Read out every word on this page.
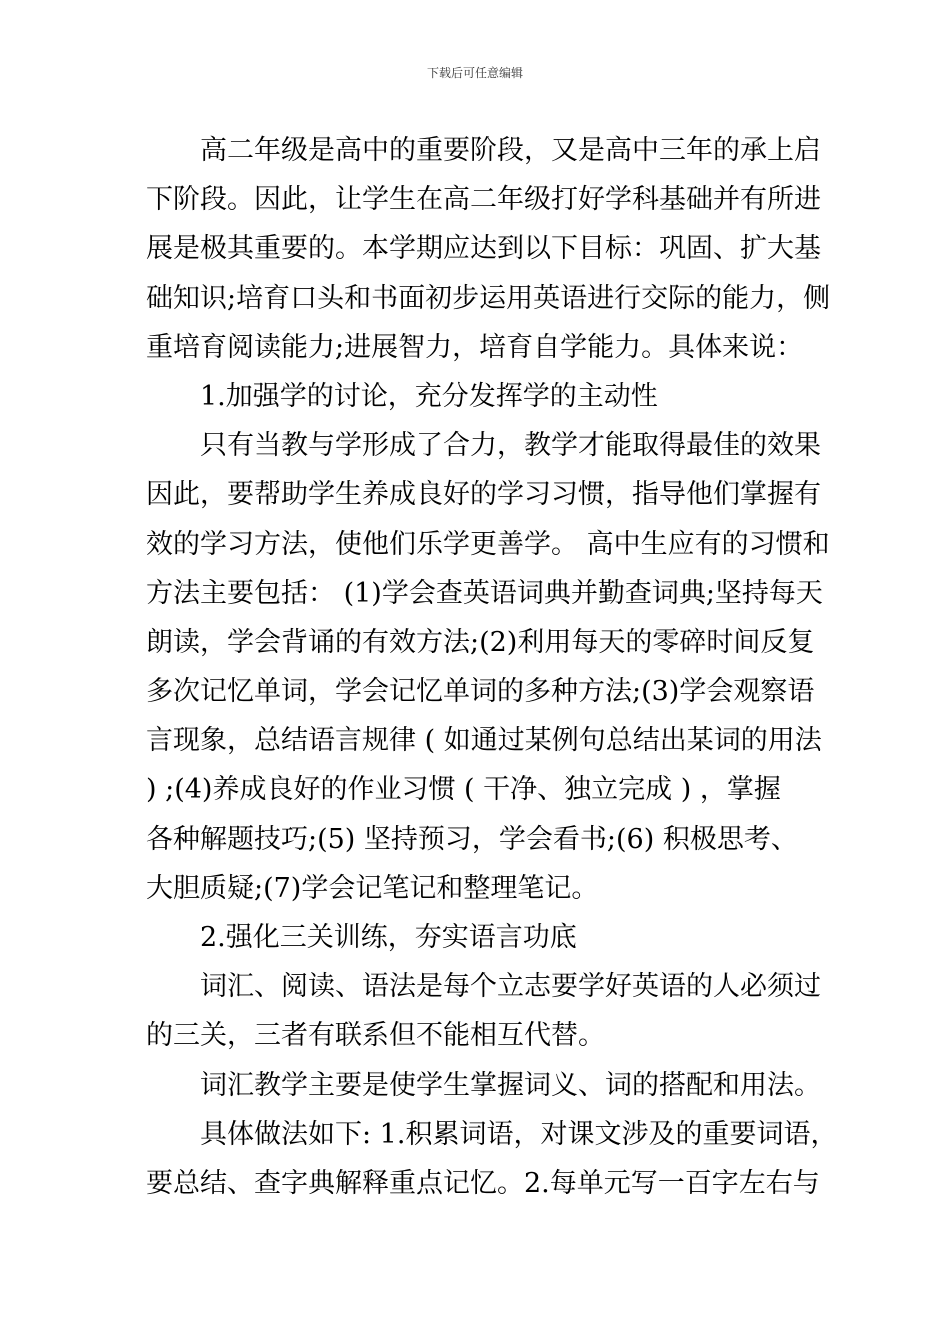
下载后可任意编辑
高二年级是高中的重要阶段，又是高中三年的承上启
下阶段。因此，让学生在高二年级打好学科基础并有所进
展是极其重要的。本学期应达到以下目标：巩固、扩大基
础知识;培育口头和书面初步运用英语进行交际的能力，侧
重培育阅读能力;进展智力，培育自学能力。具体来说：
1.加强学的讨论，充分发挥学的主动性
只有当教与学形成了合力，教学才能取得最佳的效果
因此，要帮助学生养成良好的学习习惯，指导他们掌握有
效的学习方法，使他们乐学更善学。 高中生应有的习惯和
方法主要包括： (1)学会查英语词典并勤查词典;坚持每天
朗读，学会背诵的有效方法;(2)利用每天的零碎时间反复
多次记忆单词，学会记忆单词的多种方法;(3)学会观察语
言现象，总结语言规律 ( 如通过某例句总结出某词的用法
) ;(4)养成良好的作业习惯 ( 干净、独立完成 ) ，掌握
各种解题技巧;(5) 坚持预习，学会看书;(6) 积极思考、
大胆质疑;(7)学会记笔记和整理笔记。
2.强化三关训练，夯实语言功底
词汇、阅读、语法是每个立志要学好英语的人必须过
的三关，三者有联系但不能相互代替。
词汇教学主要是使学生掌握词义、词的搭配和用法。
具体做法如下: 1.积累词语，对课文涉及的重要词语，
要总结、查字典解释重点记忆。2.每单元写一百字左右与
